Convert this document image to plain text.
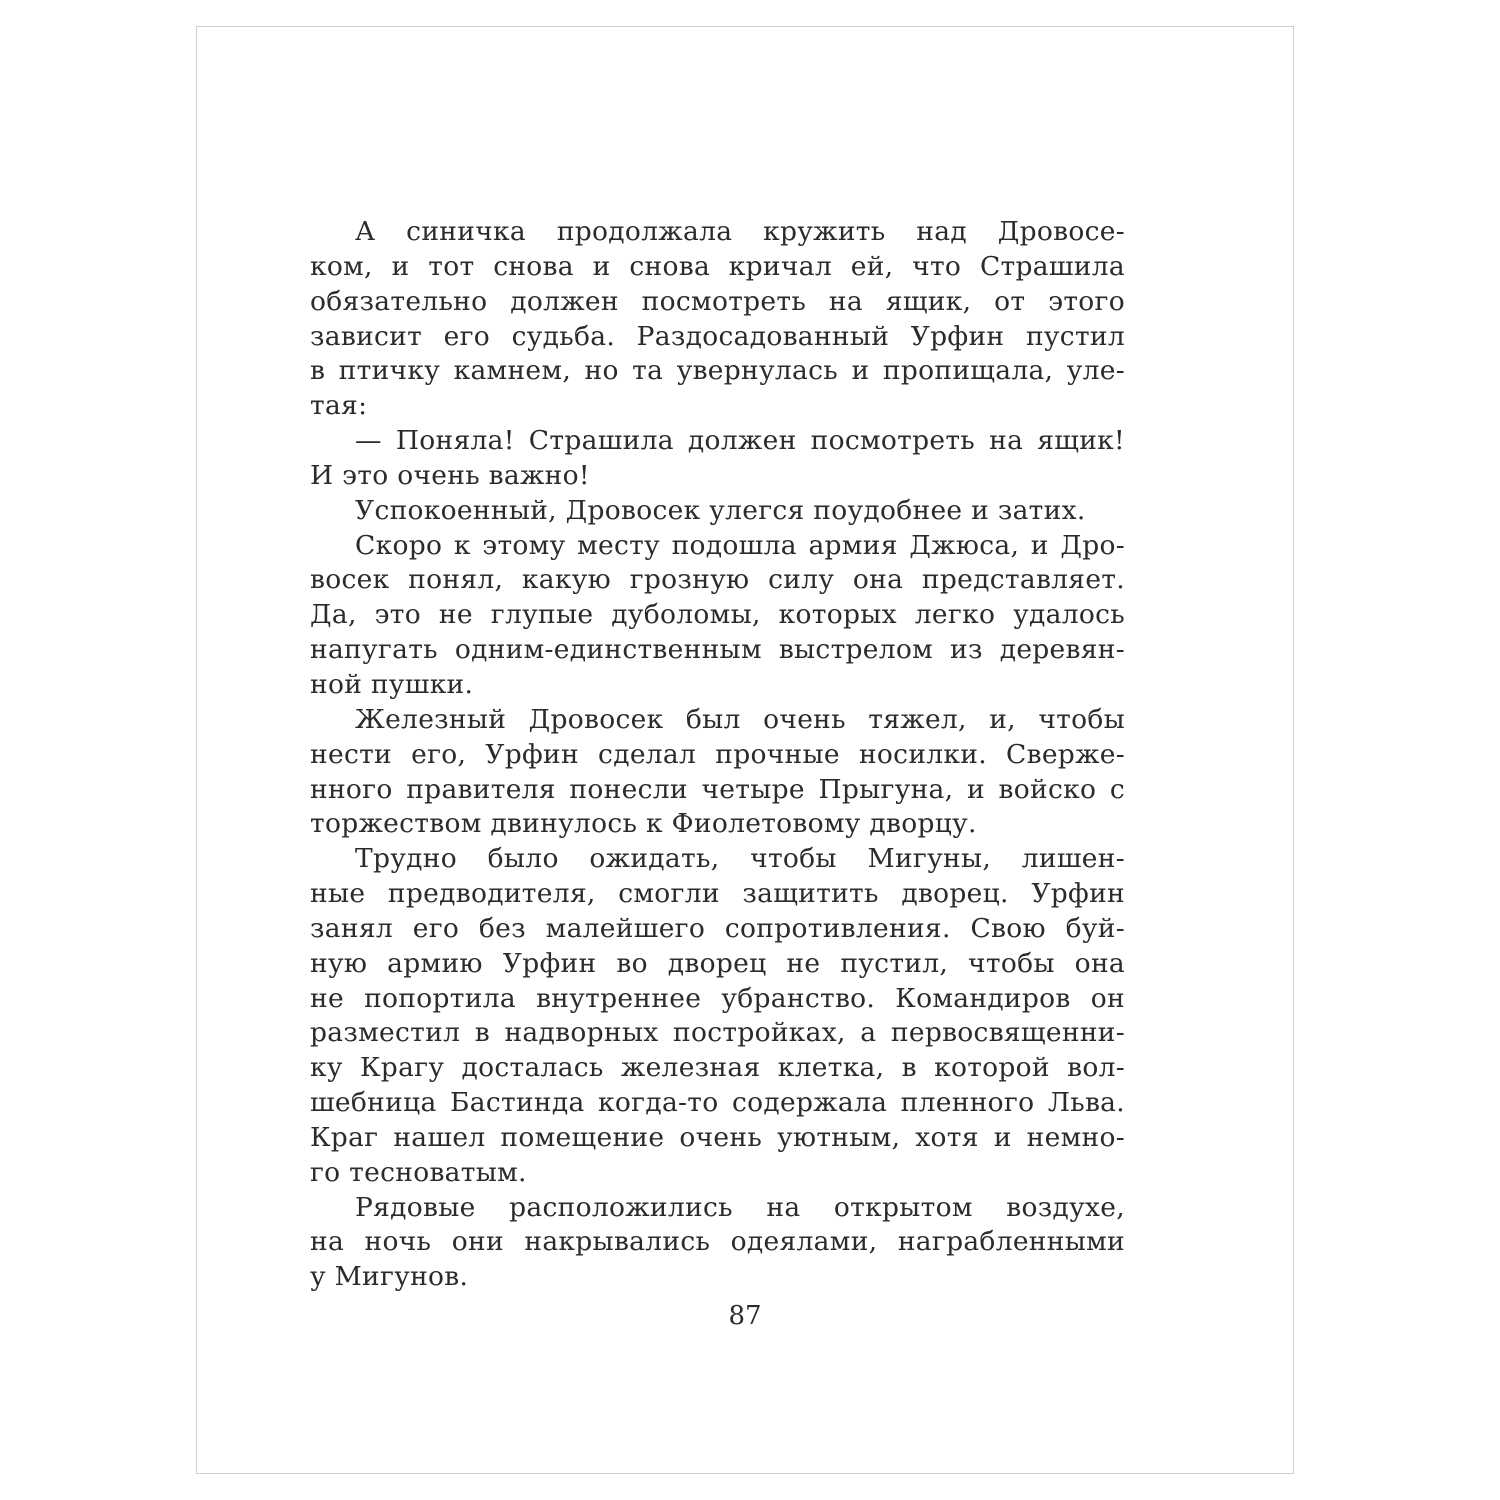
А синичка продолжала кружить над Дровосе-
ком, и тот снова и снова кричал ей, что Страшила
обязательно должен посмотреть на ящик, от этого
зависит его судьба. Раздосадованный Урфин пустил
в птичку камнем, но та увернулась и пропищала, уле-
тая:
— Поняла! Страшила должен посмотреть на ящик!
И это очень важно!
Успокоенный, Дровосек улегся поудобнее и затих.
Скоро к этому месту подошла армия Джюса, и Дро-
восек понял, какую грозную силу она представляет.
Да, это не глупые дуболомы, которых легко удалось
напугать одним-единственным выстрелом из деревян-
ной пушки.
Железный Дровосек был очень тяжел, и, чтобы
нести его, Урфин сделал прочные носилки. Сверже-
нного правителя понесли четыре Прыгуна, и войско с
торжеством двинулось к Фиолетовому дворцу.
Трудно было ожидать, чтобы Мигуны, лишен-
ные предводителя, смогли защитить дворец. Урфин
занял его без малейшего сопротивления. Свою буй-
ную армию Урфин во дворец не пустил, чтобы она
не попортила внутреннее убранство. Командиров он
разместил в надворных постройках, а первосвященни-
ку Крагу досталась железная клетка, в которой вол-
шебница Бастинда когда-то содержала пленного Льва.
Краг нашел помещение очень уютным, хотя и немно-
го тесноватым.
Рядовые расположились на открытом воздухе,
на ночь они накрывались одеялами, награбленными
у Мигунов.
87
